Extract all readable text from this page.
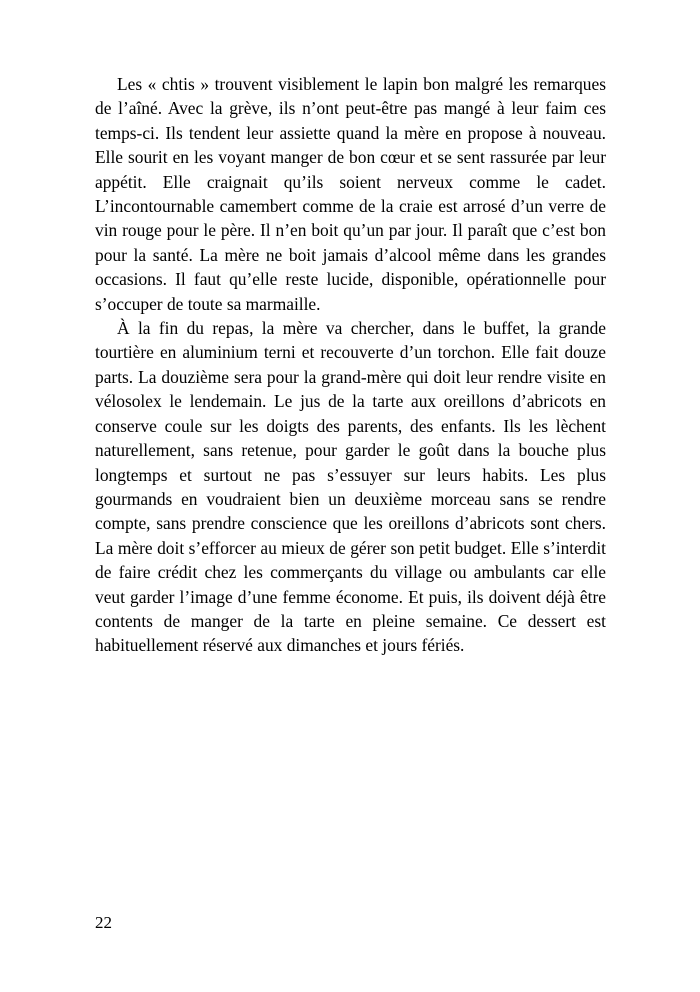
Les « chtis » trouvent visiblement le lapin bon malgré les remarques de l’aîné. Avec la grève, ils n’ont peut-être pas mangé à leur faim ces temps-ci. Ils tendent leur assiette quand la mère en propose à nouveau. Elle sourit en les voyant manger de bon cœur et se sent rassurée par leur appétit. Elle craignait qu’ils soient nerveux comme le cadet. L’incontournable camembert comme de la craie est arrosé d’un verre de vin rouge pour le père. Il n’en boit qu’un par jour. Il paraît que c’est bon pour la santé. La mère ne boit jamais d’alcool même dans les grandes occasions. Il faut qu’elle reste lucide, disponible, opérationnelle pour s’occuper de toute sa marmaille.

À la fin du repas, la mère va chercher, dans le buffet, la grande tourtière en aluminium terni et recouverte d’un torchon. Elle fait douze parts. La douzième sera pour la grand-mère qui doit leur rendre visite en vélosolex le lendemain. Le jus de la tarte aux oreillons d’abricots en conserve coule sur les doigts des parents, des enfants. Ils les lèchent naturellement, sans retenue, pour garder le goût dans la bouche plus longtemps et surtout ne pas s’essuyer sur leurs habits. Les plus gourmands en voudraient bien un deuxième morceau sans se rendre compte, sans prendre conscience que les oreillons d’abricots sont chers. La mère doit s’efforcer au mieux de gérer son petit budget. Elle s’interdit de faire crédit chez les commerçants du village ou ambulants car elle veut garder l’image d’une femme économe. Et puis, ils doivent déjà être contents de manger de la tarte en pleine semaine. Ce dessert est habituellement réservé aux dimanches et jours fériés.

22
